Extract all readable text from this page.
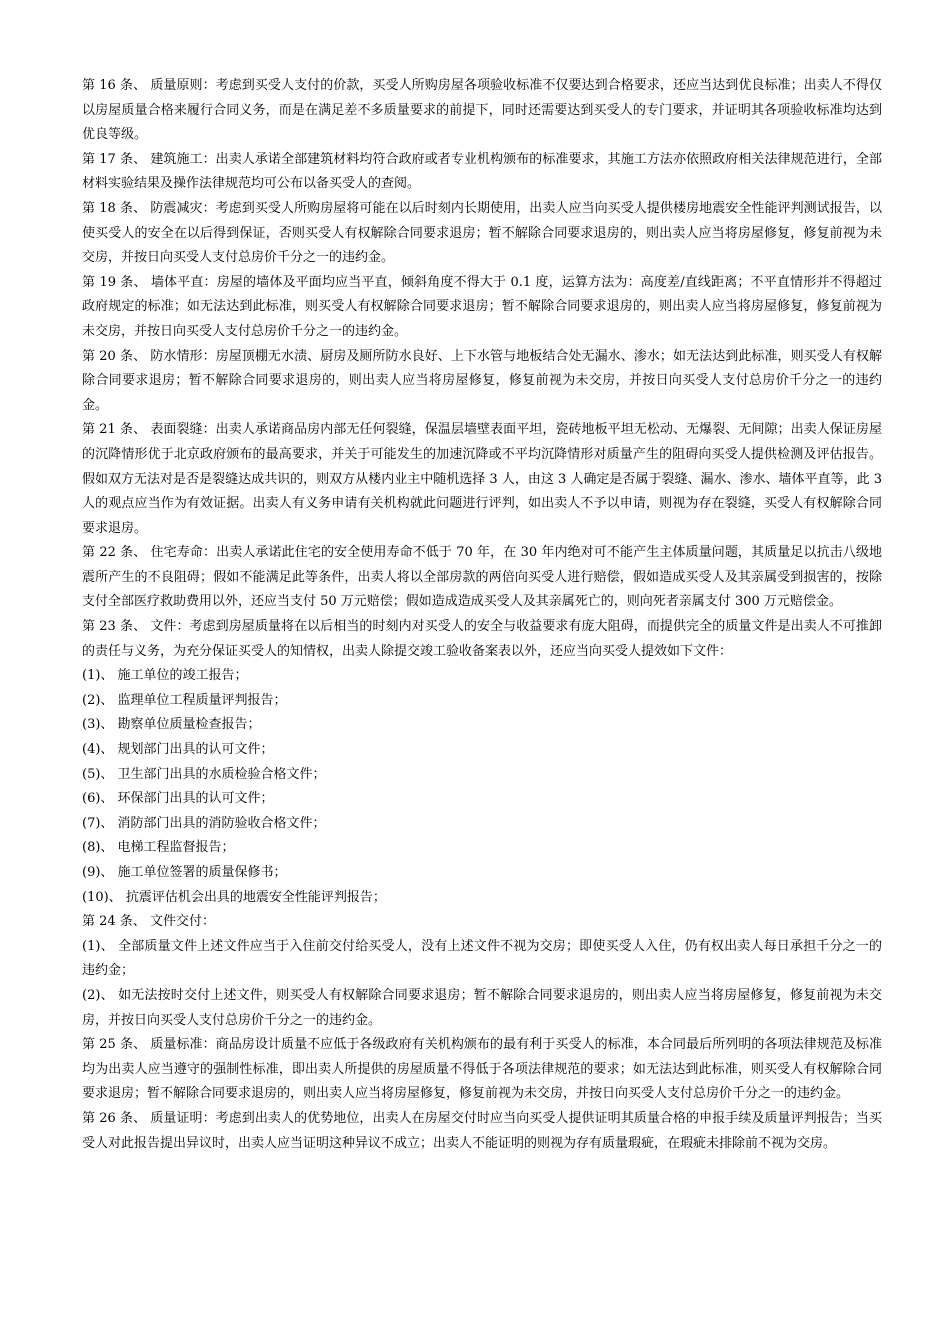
第 16 条、 质量原则：考虑到买受人支付的价款，买受人所购房屋各项验收标准不仅要达到合格要求，还应当达到优良标准；出卖人不得仅以房屋质量合格来履行合同义务，而是在满足差不多质量要求的前提下，同时还需要达到买受人的专门要求，并证明其各项验收标准均达到优良等级。

第 17 条、 建筑施工：出卖人承诺全部建筑材料均符合政府或者专业机构颁布的标准要求，其施工方法亦依照政府相关法律规范进行，全部材料实验结果及操作法律规范均可公布以备买受人的查阅。

第 18 条、 防震减灾：考虑到买受人所购房屋将可能在以后时刻内长期使用，出卖人应当向买受人提供楼房地震安全性能评判测试报告，以使买受人的安全在以后得到保证，否则买受人有权解除合同要求退房；暂不解除合同要求退房的，则出卖人应当将房屋修复，修复前视为未交房，并按日向买受人支付总房价千分之一的违约金。

第 19 条、 墙体平直：房屋的墙体及平面均应当平直，倾斜角度不得大于 0.1 度，运算方法为：高度差/直线距离；不平直情形并不得超过政府规定的标准；如无法达到此标准，则买受人有权解除合同要求退房；暂不解除合同要求退房的，则出卖人应当将房屋修复，修复前视为未交房，并按日向买受人支付总房价千分之一的违约金。

第 20 条、 防水情形：房屋顶棚无水渍、厨房及厕所防水良好、上下水管与地板结合处无漏水、渗水；如无法达到此标准，则买受人有权解除合同要求退房；暂不解除合同要求退房的，则出卖人应当将房屋修复，修复前视为未交房，并按日向买受人支付总房价千分之一的违约金。

第 21 条、 表面裂缝：出卖人承诺商品房内部无任何裂缝，保温层墙壁表面平坦，瓷砖地板平坦无松动、无爆裂、无间隙；出卖人保证房屋的沉降情形优于北京政府颁布的最高要求，并关于可能发生的加速沉降或不平均沉降情形对质量产生的阻碍向买受人提供检测及评估报告。假如双方无法对是否是裂缝达成共识的，则双方从楼内业主中随机选择 3 人，由这 3 人确定是否属于裂缝、漏水、渗水、墙体平直等，此 3 人的观点应当作为有效证据。出卖人有义务申请有关机构就此问题进行评判，如出卖人不予以申请，则视为存在裂缝，买受人有权解除合同要求退房。

第 22 条、 住宅寿命：出卖人承诺此住宅的安全使用寿命不低于 70 年，在 30 年内绝对可不能产生主体质量问题，其质量足以抗击八级地震所产生的不良阻碍；假如不能满足此等条件，出卖人将以全部房款的两倍向买受人进行赔偿，假如造成买受人及其亲属受到损害的，按除支付全部医疗救助费用以外，还应当支付 50 万元赔偿；假如造成造成买受人及其亲属死亡的，则向死者亲属支付 300 万元赔偿金。

第 23 条、 文件：考虑到房屋质量将在以后相当的时刻内对买受人的安全与收益要求有庞大阻碍，而提供完全的质量文件是出卖人不可推卸的责任与义务，为充分保证买受人的知情权，出卖人除提交竣工验收备案表以外，还应当向买受人提效如下文件：

(1)、 施工单位的竣工报告；

(2)、 监理单位工程质量评判报告；

(3)、 勘察单位质量检查报告；

(4)、 规划部门出具的认可文件；

(5)、 卫生部门出具的水质检验合格文件；

(6)、 环保部门出具的认可文件；

(7)、 消防部门出具的消防验收合格文件；

(8)、 电梯工程监督报告；

(9)、 施工单位签署的质量保修书；

(10)、 抗震评估机会出具的地震安全性能评判报告；

第 24 条、 文件交付：

(1)、 全部质量文件上述文件应当于入住前交付给买受人，没有上述文件不视为交房；即使买受人入住，仍有权出卖人每日承担千分之一的违约金；

(2)、 如无法按时交付上述文件，则买受人有权解除合同要求退房；暂不解除合同要求退房的，则出卖人应当将房屋修复，修复前视为未交房，并按日向买受人支付总房价千分之一的违约金。

第 25 条、 质量标准：商品房设计质量不应低于各级政府有关机构颁布的最有利于买受人的标准，本合同最后所列明的各项法律规范及标准均为出卖人应当遵守的强制性标准，即出卖人所提供的房屋质量不得低于各项法律规范的要求；如无法达到此标准，则买受人有权解除合同要求退房；暂不解除合同要求退房的，则出卖人应当将房屋修复，修复前视为未交房，并按日向买受人支付总房价千分之一的违约金。

第 26 条、 质量证明：考虑到出卖人的优势地位，出卖人在房屋交付时应当向买受人提供证明其质量合格的申报手续及质量评判报告；当买受人对此报告提出异议时，出卖人应当证明这种异议不成立；出卖人不能证明的则视为存有质量瑕疵，在瑕疵未排除前不视为交房。
